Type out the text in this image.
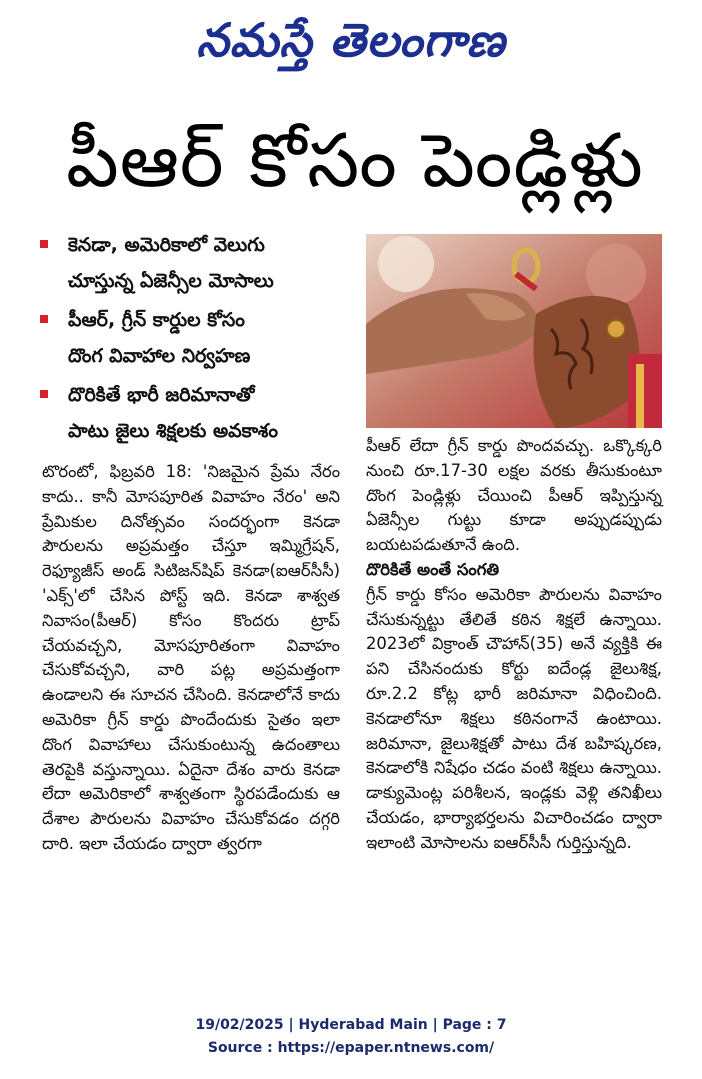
నమస్తే తెలంగాణ
పీఆర్ కోసం పెండ్లిళ్లు
కెనడా, అమెరికాలో వెలుగు
చూస్తున్న ఏజెన్సీల మోసాలు
పీఆర్, గ్రీన్ కార్డుల కోసం
దొంగ వివాహాల నిర్వహణ
దొరికితే భారీ జరిమానాతో
పాటు జైలు శిక్షలకు అవకాశం

టొరంటో, ఫిబ్రవరి 18: 'నిజమైన ప్రేమ నేరం కాదు.. కానీ మోసపూరిత వివాహం నేరం' అని ప్రేమికుల దినోత్సవం సందర్భంగా కెనడా పౌరులను అప్రమత్తం చేస్తూ ఇమ్మిగ్రేషన్, రెఫ్యూజీస్ అండ్ సిటిజన్‌షిప్ కెనడా(ఐఆర్‌సీసీ) 'ఎక్స్'లో చేసిన పోస్ట్ ఇది. కెనడా శాశ్వత నివాసం(పీఆర్) కోసం కొందరు ట్రాప్ చేయవచ్చని, మోసపూరితంగా వివాహం చేసుకోవచ్చని, వారి పట్ల అప్రమత్తంగా ఉండాలని ఈ సూచన చేసింది. కెనడాలోనే కాదు అమెరికా గ్రీన్ కార్డు పొందేందుకు సైతం ఇలా దొంగ వివాహాలు చేసుకుంటున్న ఉదంతాలు తెరపైకి వస్తున్నాయి. ఏదైనా దేశం వారు కెనడా లేదా అమెరికాలో శాశ్వతంగా స్థిరపడేందుకు ఆ దేశాల పౌరులను వివాహం చేసుకోవడం దగ్గరి దారి. ఇలా చేయడం ద్వారా త్వరగా

పీఆర్ లేదా గ్రీన్ కార్డు పొందవచ్చు. ఒక్కొక్కరి నుంచి రూ.17-30 లక్షల వరకు తీసుకుంటూ దొంగ పెండ్లిళ్లు చేయించి పీఆర్ ఇప్పిస్తున్న ఏజెన్సీల గుట్టు కూడా అప్పుడప్పుడు బయటపడుతూనే ఉంది.

దొరికితే అంతే సంగతి

గ్రీన్ కార్డు కోసం అమెరికా పౌరులను వివాహం చేసుకున్నట్టు తేలితే కఠిన శిక్షలే ఉన్నాయి. 2023లో విక్రాంత్ చౌహాన్(35) అనే వ్యక్తికి ఈ పని చేసినందుకు కోర్టు ఐదేండ్ల జైలుశిక్ష, రూ.2.2 కోట్ల భారీ జరిమానా విధించింది. కెనడాలోనూ శిక్షలు కఠినంగానే ఉంటాయి. జరిమానా, జైలుశిక్షతో పాటు దేశ బహిష్కరణ, కెనడాలోకి నిషేధం చడం వంటి శిక్షలు ఉన్నాయి. డాక్యుమెంట్ల పరిశీలన, ఇండ్లకు వెళ్లి తనిఖీలు చేయడం, భార్యాభర్తలను విచారించడం ద్వారా ఇలాంటి మోసాలను ఐఆర్‌సీసీ గుర్తిస్తున్నది.

19/02/2025 | Hyderabad Main | Page : 7
Source : https://epaper.ntnews.com/
